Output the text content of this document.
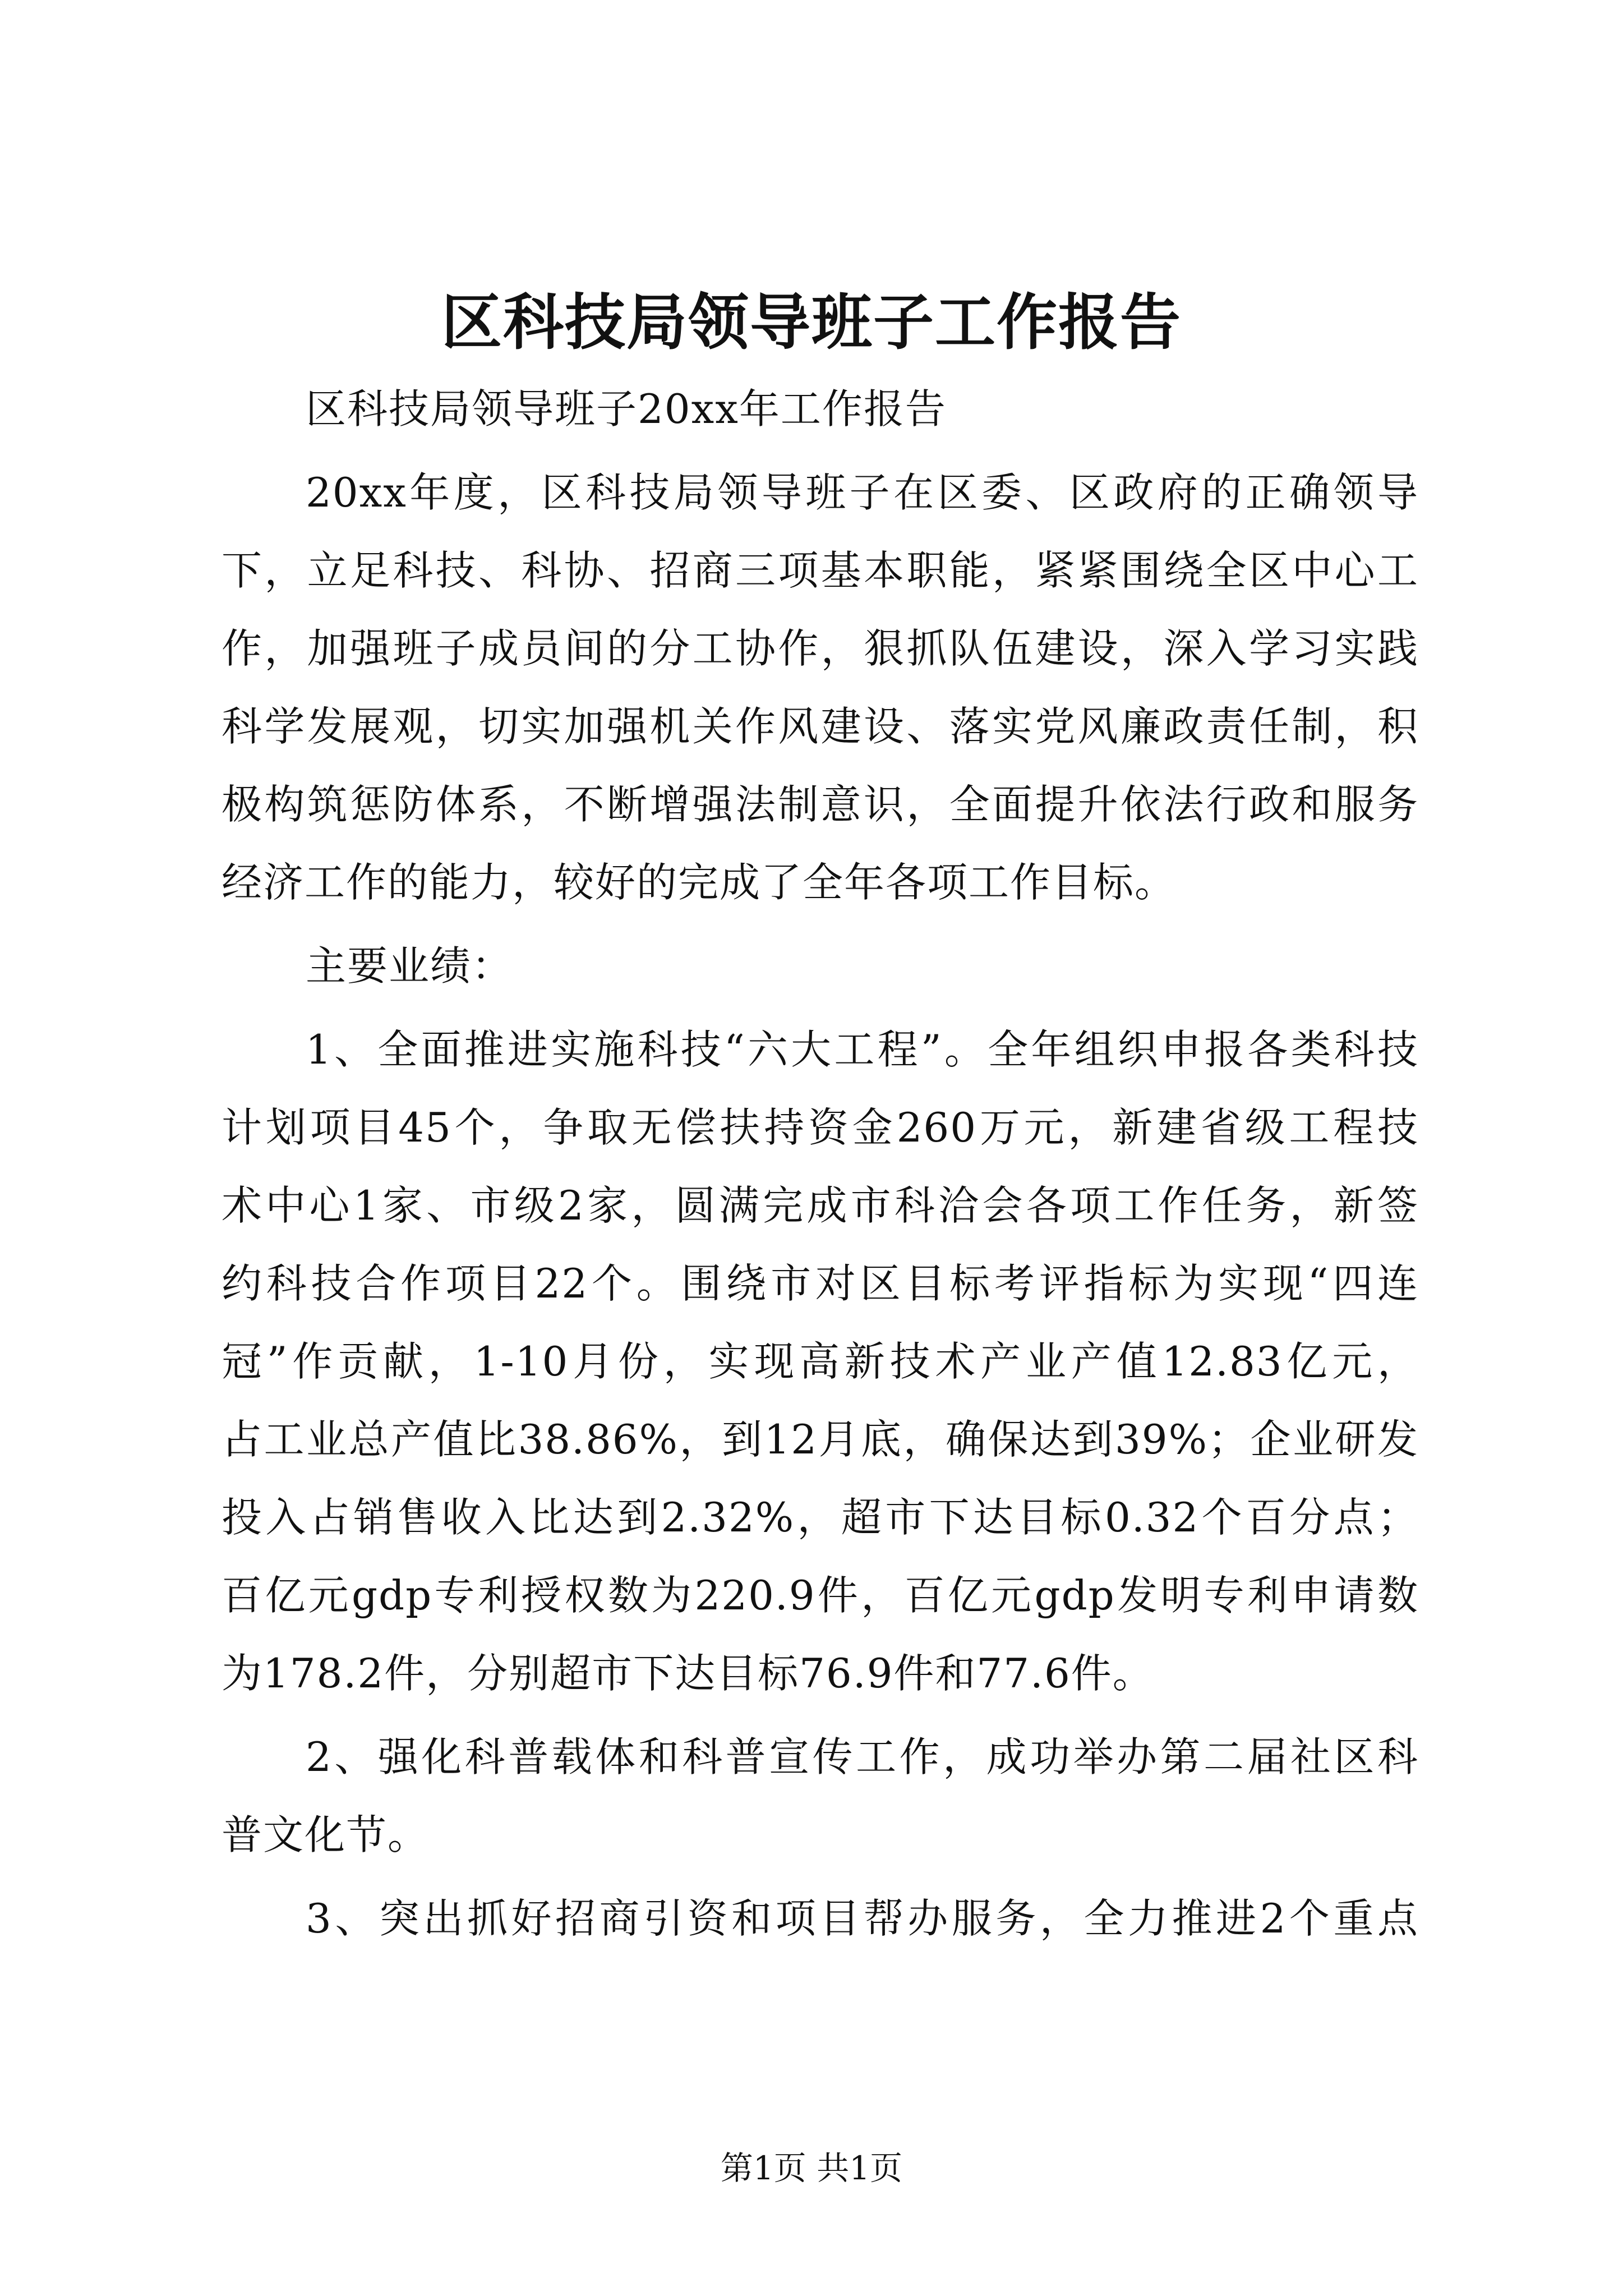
区科技局领导班子工作报告
区科技局领导班子20xx年工作报告
20xx年度，区科技局领导班子在区委、区政府的正确领导
下，立足科技、科协、招商三项基本职能，紧紧围绕全区中心工
作，加强班子成员间的分工协作，狠抓队伍建设，深入学习实践
科学发展观，切实加强机关作风建设、落实党风廉政责任制，积
极构筑惩防体系，不断增强法制意识，全面提升依法行政和服务
经济工作的能力，较好的完成了全年各项工作目标。
主要业绩：
1、全面推进实施科技“六大工程”。全年组织申报各类科技
计划项目45个，争取无偿扶持资金260万元，新建省级工程技
术中心1家、市级2家，圆满完成市科洽会各项工作任务，新签
约科技合作项目22个。围绕市对区目标考评指标为实现“四连
冠”作贡献，1-10月份，实现高新技术产业产值12.83亿元，
占工业总产值比38.86%，到12月底，确保达到39%；企业研发
投入占销售收入比达到2.32%，超市下达目标0.32个百分点；
百亿元gdp专利授权数为220.9件，百亿元gdp发明专利申请数
为178.2件，分别超市下达目标76.9件和77.6件。
2、强化科普载体和科普宣传工作，成功举办第二届社区科
普文化节。
3、突出抓好招商引资和项目帮办服务，全力推进2个重点
第1页 共1页
